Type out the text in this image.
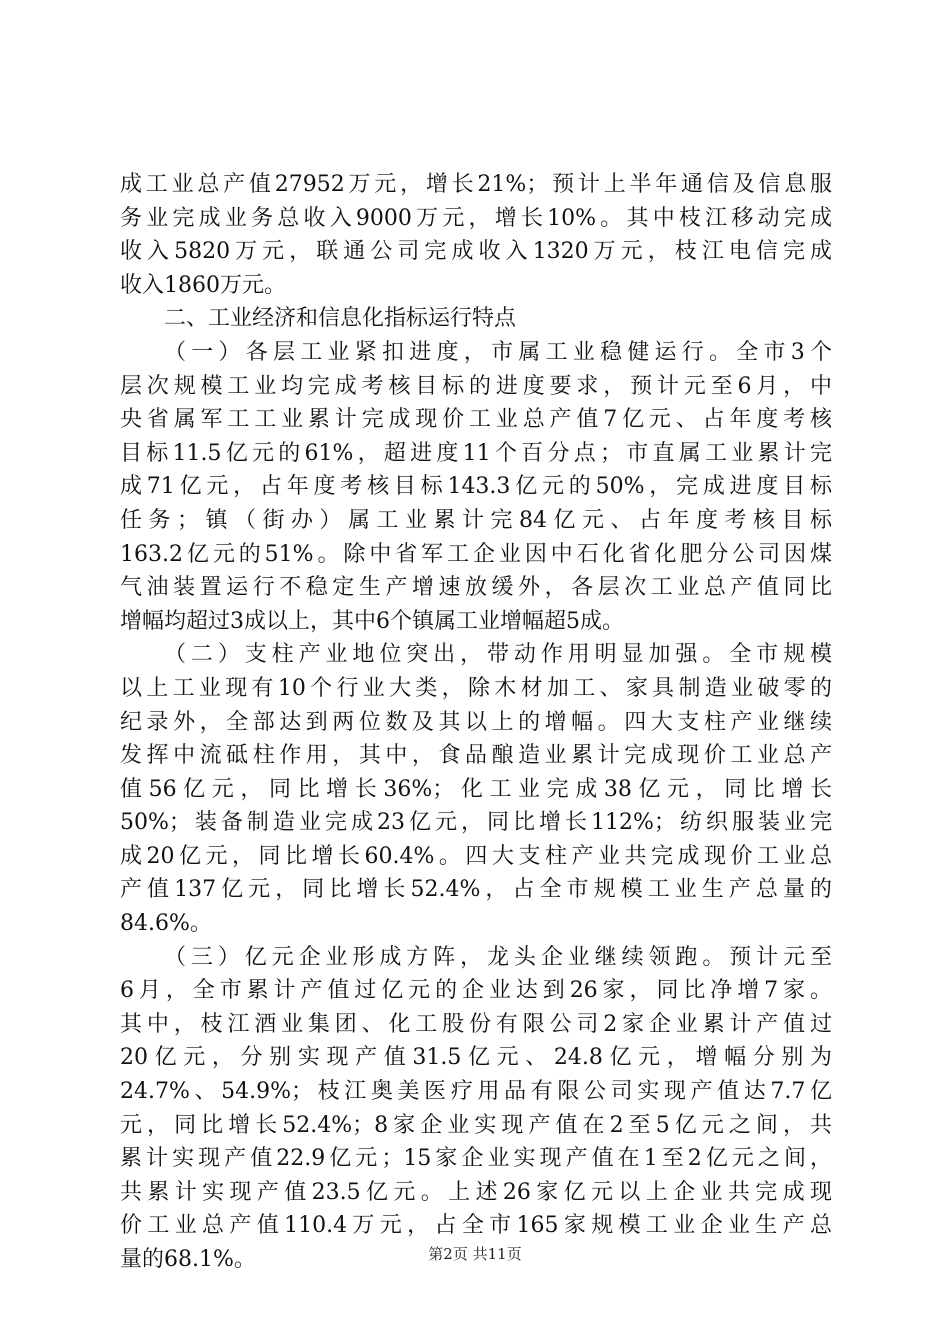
成工业总产值27952万元，增长21%；预计上半年通信及信息服
务业完成业务总收入9000万元，增长10%。其中枝江移动完成
收入5820万元，联通公司完成收入1320万元，枝江电信完成
收入1860万元。
二、工业经济和信息化指标运行特点
（一）各层工业紧扣进度，市属工业稳健运行。全市3个
层次规模工业均完成考核目标的进度要求，预计元至6月，中
央省属军工工业累计完成现价工业总产值7亿元、占年度考核
目标11.5亿元的61%，超进度11个百分点；市直属工业累计完
成71亿元，占年度考核目标143.3亿元的50%，完成进度目标
任务；镇（街办）属工业累计完84亿元、占年度考核目标
163.2亿元的51%。除中省军工企业因中石化省化肥分公司因煤
气油装置运行不稳定生产增速放缓外，各层次工业总产值同比
增幅均超过3成以上，其中6个镇属工业增幅超5成。
（二）支柱产业地位突出，带动作用明显加强。全市规模
以上工业现有10个行业大类，除木材加工、家具制造业破零的
纪录外，全部达到两位数及其以上的增幅。四大支柱产业继续
发挥中流砥柱作用，其中，食品酿造业累计完成现价工业总产
值56亿元，同比增长36%；化工业完成38亿元，同比增长
50%；装备制造业完成23亿元，同比增长112%；纺织服装业完
成20亿元，同比增长60.4%。四大支柱产业共完成现价工业总
产值137亿元，同比增长52.4%，占全市规模工业生产总量的
84.6%。
（三）亿元企业形成方阵，龙头企业继续领跑。预计元至
6月，全市累计产值过亿元的企业达到26家，同比净增7家。
其中，枝江酒业集团、化工股份有限公司2家企业累计产值过
20亿元，分别实现产值31.5亿元、24.8亿元，增幅分别为
24.7%、54.9%；枝江奥美医疗用品有限公司实现产值达7.7亿
元，同比增长52.4%；8家企业实现产值在2至5亿元之间，共
累计实现产值22.9亿元；15家企业实现产值在1至2亿元之间，
共累计实现产值23.5亿元。上述26家亿元以上企业共完成现
价工业总产值110.4万元，占全市165家规模工业企业生产总
量的68.1%。	第2页 共11页
